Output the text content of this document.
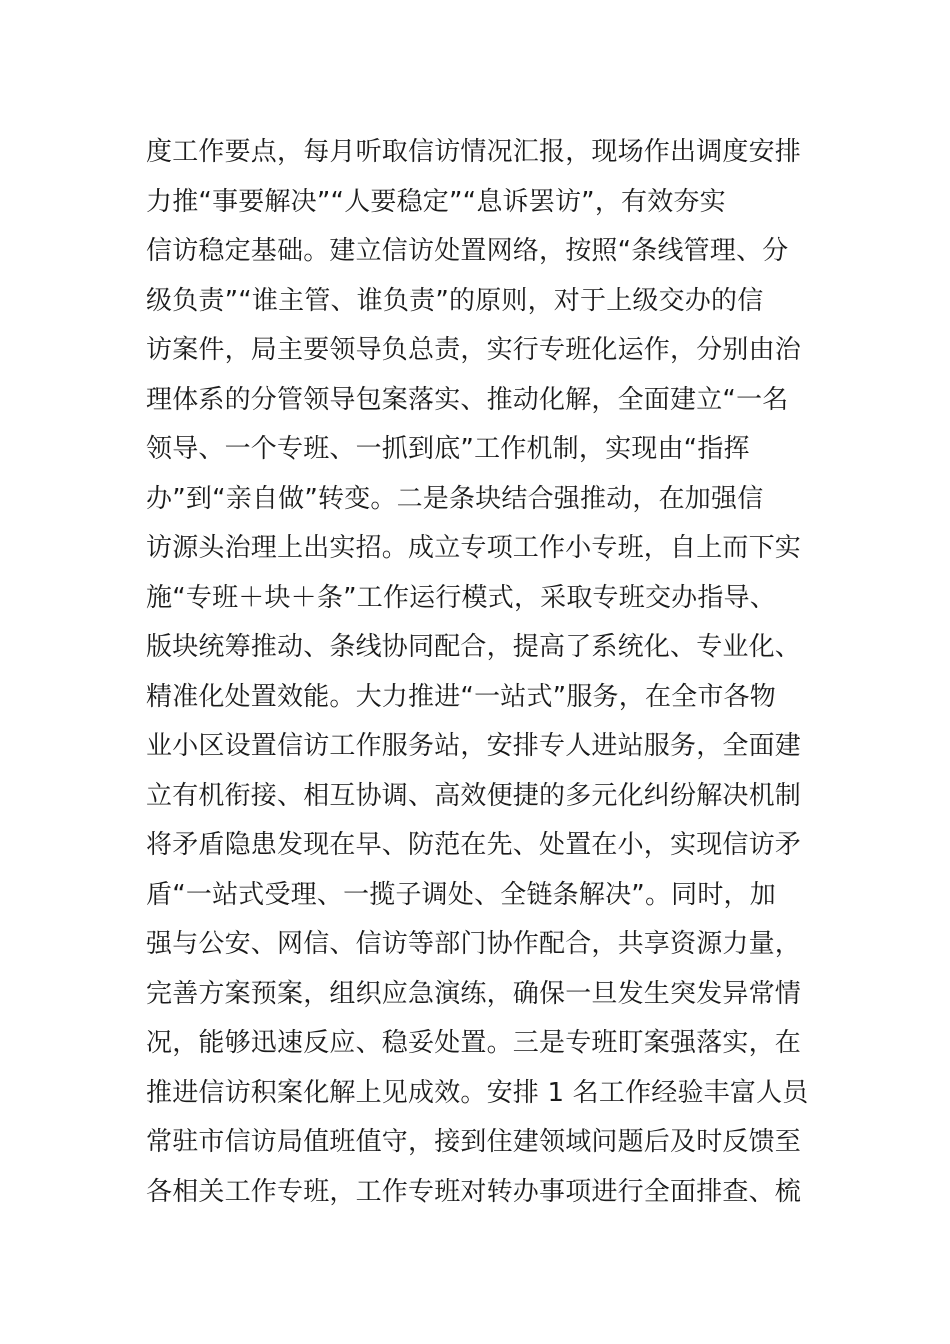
度工作要点，每月听取信访情况汇报，现场作出调度安排
力推“事要解决”“人要稳定”“息诉罢访”，有效夯实
信访稳定基础。建立信访处置网络，按照“条线管理、分
级负责”“谁主管、谁负责”的原则，对于上级交办的信
访案件，局主要领导负总责，实行专班化运作，分别由治
理体系的分管领导包案落实、推动化解，全面建立“一名
领导、一个专班、一抓到底”工作机制，实现由“指挥
办”到“亲自做”转变。二是条块结合强推动，在加强信
访源头治理上出实招。成立专项工作小专班，自上而下实
施“专班＋块＋条”工作运行模式，采取专班交办指导、
版块统筹推动、条线协同配合，提高了系统化、专业化、
精准化处置效能。大力推进“一站式”服务，在全市各物
业小区设置信访工作服务站，安排专人进站服务，全面建
立有机衔接、相互协调、高效便捷的多元化纠纷解决机制
将矛盾隐患发现在早、防范在先、处置在小，实现信访矛
盾“一站式受理、一揽子调处、全链条解决”。同时，加
强与公安、网信、信访等部门协作配合，共享资源力量，
完善方案预案，组织应急演练，确保一旦发生突发异常情
况，能够迅速反应、稳妥处置。三是专班盯案强落实，在
推进信访积案化解上见成效。安排 1 名工作经验丰富人员
常驻市信访局值班值守，接到住建领域问题后及时反馈至
各相关工作专班，工作专班对转办事项进行全面排查、梳
